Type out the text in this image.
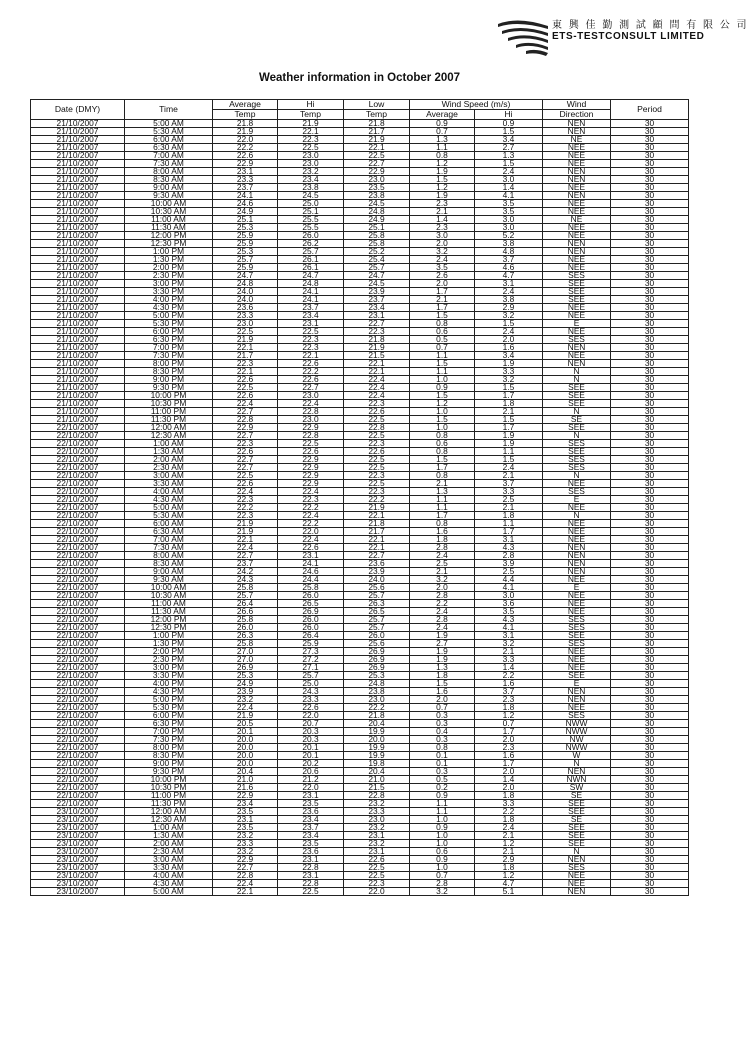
東 興 佳 勤 測 試 顧 問 有 限 公 司
ETS-TESTCONSULT LIMITED
Weather information in October 2007
Date (DMY)	Time	Average	Hi	Low	Wind Speed (m/s)		Wind	Period
		Temp	Temp	Temp	Average	Hi	Direction	
21/10/2007	5:00 AM	21.8	21.9	21.8	0.9	0.9	NEN	30
21/10/2007	5:30 AM	21.9	22.1	21.7	0.7	1.5	NEN	30
21/10/2007	6:00 AM	22.0	22.3	21.9	1.3	3.4	NE	30
21/10/2007	6:30 AM	22.2	22.5	22.1	1.1	2.7	NEE	30
21/10/2007	7:00 AM	22.6	23.0	22.5	0.8	1.3	NEE	30
21/10/2007	7:30 AM	22.9	23.0	22.7	1.2	1.5	NEE	30
21/10/2007	8:00 AM	23.1	23.2	22.9	1.9	2.4	NEN	30
21/10/2007	8:30 AM	23.3	23.4	23.0	1.5	3.0	NEN	30
21/10/2007	9:00 AM	23.7	23.8	23.5	1.2	1.4	NEE	30
21/10/2007	9:30 AM	24.1	24.5	23.8	1.9	4.1	NEN	30
21/10/2007	10:00 AM	24.6	25.0	24.5	2.3	3.5	NEE	30
21/10/2007	10:30 AM	24.9	25.1	24.8	2.1	3.5	NEE	30
21/10/2007	11:00 AM	25.1	25.5	24.9	1.4	3.0	NE	30
21/10/2007	11:30 AM	25.3	25.5	25.1	2.3	3.0	NEE	30
21/10/2007	12:00 PM	25.9	26.0	25.8	3.0	5.2	NEE	30
21/10/2007	12:30 PM	25.9	26.2	25.8	2.0	3.8	NEN	30
21/10/2007	1:00 PM	25.3	25.7	25.2	3.2	4.8	NEN	30
21/10/2007	1:30 PM	25.7	26.1	25.4	2.4	3.7	NEE	30
21/10/2007	2:00 PM	25.9	26.1	25.7	3.5	4.6	NEE	30
21/10/2007	2:30 PM	24.7	24.7	24.7	2.6	4.7	SES	30
21/10/2007	3:00 PM	24.8	24.8	24.5	2.0	3.1	SEE	30
21/10/2007	3:30 PM	24.0	24.1	23.9	1.7	2.4	SEE	30
21/10/2007	4:00 PM	24.0	24.1	23.7	2.1	3.8	SEE	30
21/10/2007	4:30 PM	23.6	23.7	23.4	1.7	2.9	NEE	30
21/10/2007	5:00 PM	23.3	23.4	23.1	1.5	3.2	NEE	30
21/10/2007	5:30 PM	23.0	23.1	22.7	0.8	1.5	E	30
21/10/2007	6:00 PM	22.5	22.5	22.3	0.6	2.4	NEE	30
21/10/2007	6:30 PM	21.9	22.3	21.8	0.5	2.0	SES	30
21/10/2007	7:00 PM	22.1	22.3	21.9	0.7	1.6	NEN	30
21/10/2007	7:30 PM	21.7	22.1	21.5	1.1	3.4	NEE	30
21/10/2007	8:00 PM	22.3	22.6	22.1	1.5	1.9	NEN	30
21/10/2007	8:30 PM	22.1	22.2	22.1	1.1	3.3	N	30
21/10/2007	9:00 PM	22.6	22.6	22.4	1.0	3.2	N	30
21/10/2007	9:30 PM	22.5	22.7	22.4	0.9	1.5	SEE	30
21/10/2007	10:00 PM	22.6	23.0	22.4	1.5	1.7	SEE	30
21/10/2007	10:30 PM	22.4	22.4	22.3	1.2	1.8	SEE	30
21/10/2007	11:00 PM	22.7	22.8	22.6	1.0	2.1	N	30
21/10/2007	11:30 PM	22.8	23.0	22.5	1.5	1.5	SE	30
22/10/2007	12:00 AM	22.9	22.9	22.8	1.0	1.7	SEE	30
22/10/2007	12:30 AM	22.7	22.8	22.5	0.8	1.9	N	30
22/10/2007	1:00 AM	22.3	22.5	22.3	0.6	1.9	SES	30
22/10/2007	1:30 AM	22.6	22.6	22.6	0.8	1.1	SEE	30
22/10/2007	2:00 AM	22.7	22.9	22.5	1.5	1.5	SES	30
22/10/2007	2:30 AM	22.7	22.9	22.5	1.7	2.4	SES	30
22/10/2007	3:00 AM	22.5	22.9	22.3	0.8	2.1	N	30
22/10/2007	3:30 AM	22.6	22.9	22.5	2.1	3.7	NEE	30
22/10/2007	4:00 AM	22.4	22.4	22.3	1.3	3.3	SES	30
22/10/2007	4:30 AM	22.3	22.3	22.2	1.1	2.5	E	30
22/10/2007	5:00 AM	22.2	22.2	21.9	1.1	2.1	NEE	30
22/10/2007	5:30 AM	22.3	22.4	22.1	1.7	1.8	N	30
22/10/2007	6:00 AM	21.9	22.2	21.8	0.8	1.1	NEE	30
22/10/2007	6:30 AM	21.9	22.0	21.7	1.6	1.7	NEE	30
22/10/2007	7:00 AM	22.1	22.4	22.1	1.8	3.1	NEE	30
22/10/2007	7:30 AM	22.4	22.6	22.1	2.8	4.3	NEN	30
22/10/2007	8:00 AM	22.7	23.1	22.7	2.4	2.8	NEN	30
22/10/2007	8:30 AM	23.7	24.1	23.6	2.5	3.9	NEN	30
22/10/2007	9:00 AM	24.2	24.6	23.9	2.1	2.5	NEN	30
22/10/2007	9:30 AM	24.3	24.4	24.0	3.2	4.4	NEE	30
22/10/2007	10:00 AM	25.8	25.8	25.6	2.0	4.1	E	30
22/10/2007	10:30 AM	25.7	26.0	25.7	2.8	3.0	NEE	30
22/10/2007	11:00 AM	26.4	26.5	26.3	2.2	3.6	NEE	30
22/10/2007	11:30 AM	26.6	26.9	26.5	2.4	3.5	NEE	30
22/10/2007	12:00 PM	25.8	26.0	25.7	2.8	4.3	SES	30
22/10/2007	12:30 PM	26.0	26.0	25.7	2.4	4.1	SES	30
22/10/2007	1:00 PM	26.3	26.4	26.0	1.9	3.1	SEE	30
22/10/2007	1:30 PM	25.8	25.9	25.6	2.7	3.2	SES	30
22/10/2007	2:00 PM	27.0	27.3	26.9	1.9	2.1	NEE	30
22/10/2007	2:30 PM	27.0	27.2	26.9	1.9	3.3	NEE	30
22/10/2007	3:00 PM	26.9	27.1	26.9	1.3	1.4	NEE	30
22/10/2007	3:30 PM	25.3	25.7	25.3	1.8	2.2	SEE	30
22/10/2007	4:00 PM	24.9	25.0	24.8	1.5	1.6	E	30
22/10/2007	4:30 PM	23.9	24.3	23.8	1.6	3.7	NEN	30
22/10/2007	5:00 PM	23.2	23.3	23.0	2.0	2.3	NEN	30
22/10/2007	5:30 PM	22.4	22.6	22.2	0.7	1.8	NEE	30
22/10/2007	6:00 PM	21.9	22.0	21.8	0.3	1.2	SES	30
22/10/2007	6:30 PM	20.5	20.7	20.4	0.3	0.7	NWW	30
22/10/2007	7:00 PM	20.1	20.3	19.9	0.4	1.7	NWW	30
22/10/2007	7:30 PM	20.0	20.3	20.0	0.3	2.0	NW	30
22/10/2007	8:00 PM	20.0	20.1	19.9	0.8	2.3	NWW	30
22/10/2007	8:30 PM	20.0	20.1	19.9	0.1	1.6	W	30
22/10/2007	9:00 PM	20.0	20.2	19.8	0.1	1.7	N	30
22/10/2007	9:30 PM	20.4	20.6	20.4	0.3	2.0	NEN	30
22/10/2007	10:00 PM	21.0	21.2	21.0	0.5	1.4	NWN	30
22/10/2007	10:30 PM	21.6	22.0	21.5	0.2	2.0	SW	30
22/10/2007	11:00 PM	22.9	23.1	22.8	0.9	1.8	SE	30
22/10/2007	11:30 PM	23.4	23.5	23.2	1.1	3.3	SEE	30
23/10/2007	12:00 AM	23.5	23.6	23.3	1.1	2.2	SEE	30
23/10/2007	12:30 AM	23.1	23.4	23.0	1.0	1.8	SE	30
23/10/2007	1:00 AM	23.5	23.7	23.2	0.9	2.4	SEE	30
23/10/2007	1:30 AM	23.2	23.4	23.1	1.0	2.1	SEE	30
23/10/2007	2:00 AM	23.3	23.5	23.2	1.0	1.2	SEE	30
23/10/2007	2:30 AM	23.2	23.6	23.1	0.6	2.1	N	30
23/10/2007	3:00 AM	22.9	23.1	22.6	0.9	2.9	NEN	30
23/10/2007	3:30 AM	22.7	22.8	22.5	1.0	1.8	SES	30
23/10/2007	4:00 AM	22.8	23.1	22.5	0.7	1.2	NEE	30
23/10/2007	4:30 AM	22.4	22.8	22.3	2.8	4.7	NEE	30
23/10/2007	5:00 AM	22.1	22.5	22.0	3.2	5.1	NEN	30
